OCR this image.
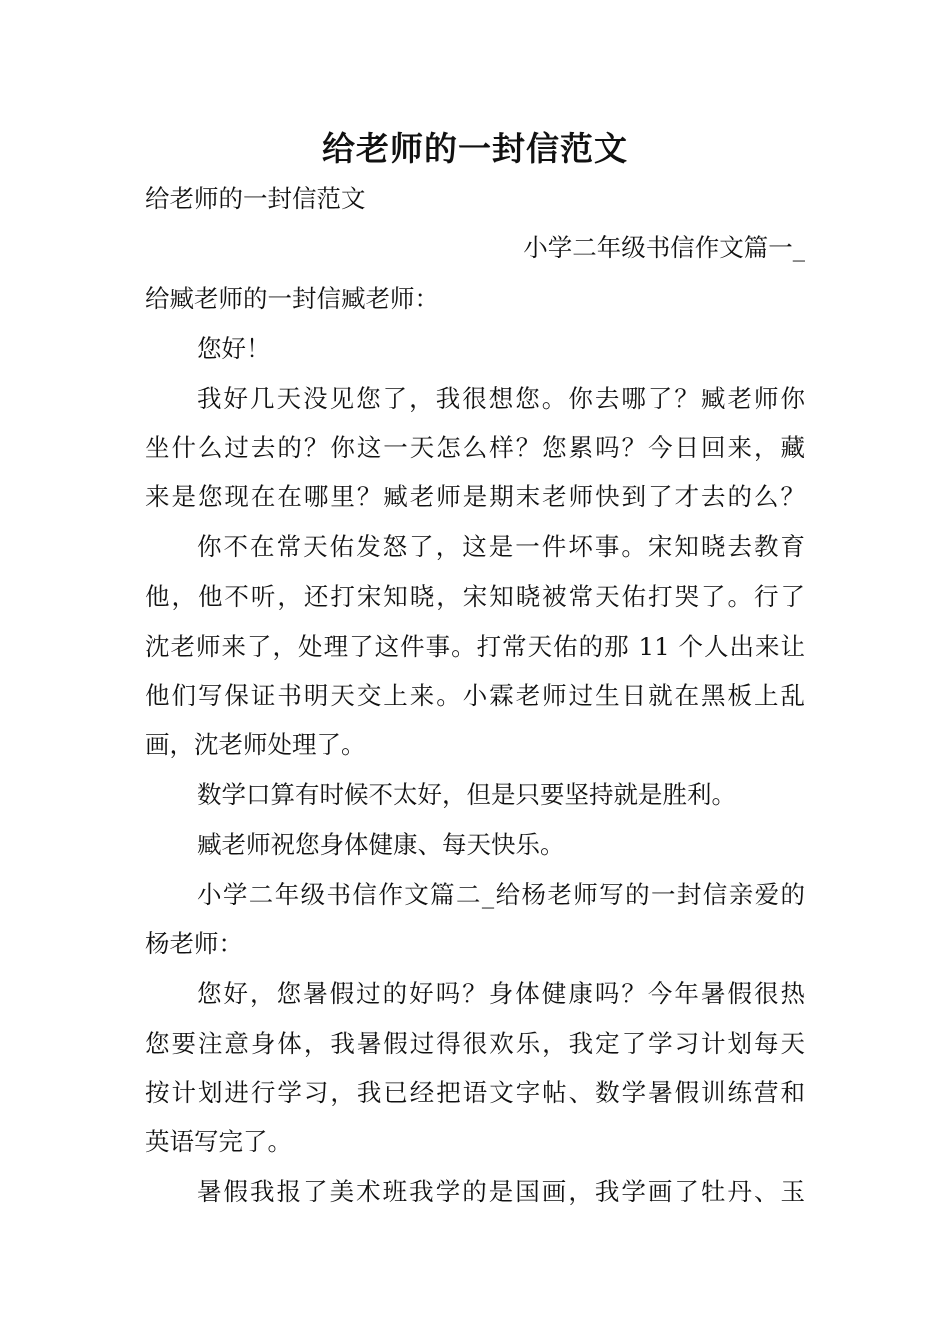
给老师的一封信范文
给老师的一封信范文
小学二年级书信作文篇一_
给臧老师的一封信臧老师：
您好！
我好几天没见您了，我很想您。你去哪了？臧老师你
坐什么过去的？你这一天怎么样？您累吗？今日回来，藏
来是您现在在哪里？臧老师是期末老师快到了才去的么？
你不在常天佑发怒了，这是一件坏事。宋知晓去教育
他，他不听，还打宋知晓，宋知晓被常天佑打哭了。行了
沈老师来了，处理了这件事。打常天佑的那 11 个人出来让
他们写保证书明天交上来。小霖老师过生日就在黑板上乱
画，沈老师处理了。
数学口算有时候不太好，但是只要坚持就是胜利。
臧老师祝您身体健康、每天快乐。
小学二年级书信作文篇二_给杨老师写的一封信亲爱的
杨老师：
您好，您暑假过的好吗？身体健康吗？今年暑假很热
您要注意身体，我暑假过得很欢乐，我定了学习计划每天
按计划进行学习，我已经把语文字帖、数学暑假训练营和
英语写完了。
暑假我报了美术班我学的是国画，我学画了牡丹、玉
